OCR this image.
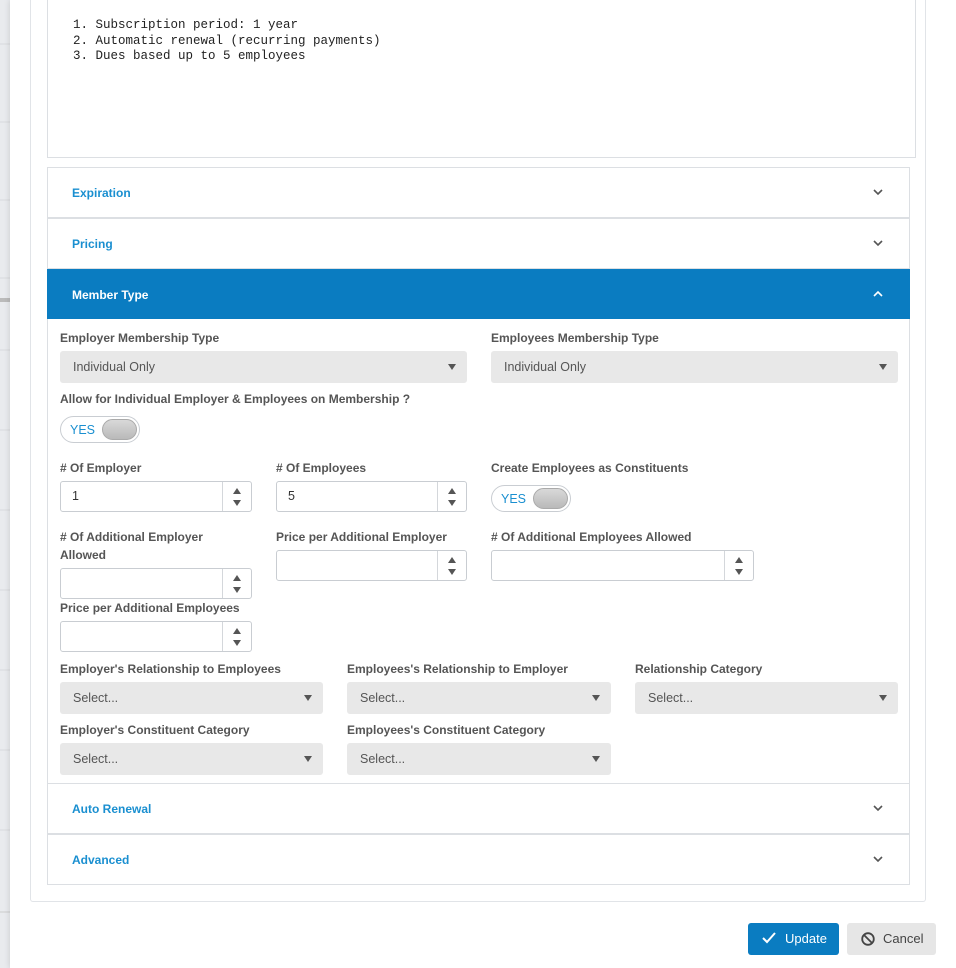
1. Subscription period: 1 year
2. Automatic renewal (recurring payments)
3. Dues based up to 5 employees
Expiration
Pricing
Member Type
Employer Membership Type
Individual Only
Employees Membership Type
Individual Only
Allow for Individual Employer & Employees on Membership ?
YES
# Of Employer
1
# Of Employees
5
Create Employees as Constituents
YES
# Of Additional Employer
Allowed
Price per Additional Employer	# Of Additional Employees Allowed
Price per Additional Employees
Employer's Relationship to Employees
Select...
Employees's Relationship to Employer
Select...
Relationship Category
Select...
Employer's Constituent Category
Select...
Employees's Constituent Category
Select...
Auto Renewal
Advanced
Update	Cancel
